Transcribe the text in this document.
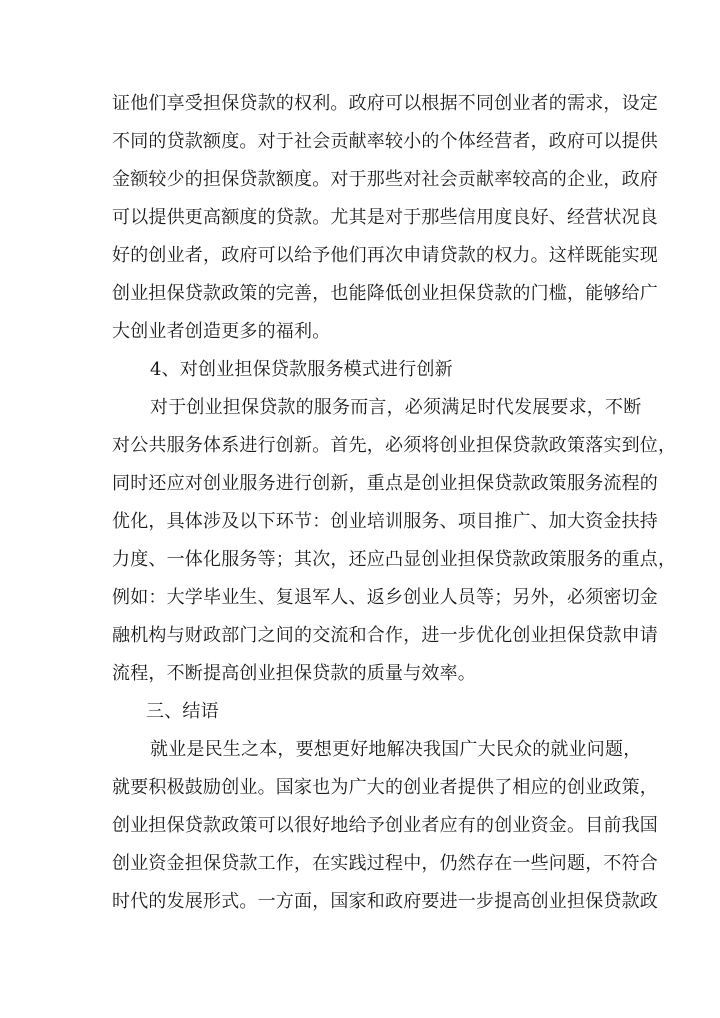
证他们享受担保贷款的权利。政府可以根据不同创业者的需求，设定
不同的贷款额度。对于社会贡献率较小的个体经营者，政府可以提供
金额较少的担保贷款额度。对于那些对社会贡献率较高的企业，政府
可以提供更高额度的贷款。尤其是对于那些信用度良好、经营状况良
好的创业者，政府可以给予他们再次申请贷款的权力。这样既能实现
创业担保贷款政策的完善，也能降低创业担保贷款的门槛，能够给广
大创业者创造更多的福利。
4、对创业担保贷款服务模式进行创新
对于创业担保贷款的服务而言，必须满足时代发展要求，不断
对公共服务体系进行创新。首先，必须将创业担保贷款政策落实到位，
同时还应对创业服务进行创新，重点是创业担保贷款政策服务流程的
优化，具体涉及以下环节：创业培训服务、项目推广、加大资金扶持
力度、一体化服务等；其次，还应凸显创业担保贷款政策服务的重点，
例如：大学毕业生、复退军人、返乡创业人员等；另外，必须密切金
融机构与财政部门之间的交流和合作，进一步优化创业担保贷款申请
流程，不断提高创业担保贷款的质量与效率。
三、结语
就业是民生之本，要想更好地解决我国广大民众的就业问题，
就要积极鼓励创业。国家也为广大的创业者提供了相应的创业政策，
创业担保贷款政策可以很好地给予创业者应有的创业资金。目前我国
创业资金担保贷款工作，在实践过程中，仍然存在一些问题，不符合
时代的发展形式。一方面，国家和政府要进一步提高创业担保贷款政
